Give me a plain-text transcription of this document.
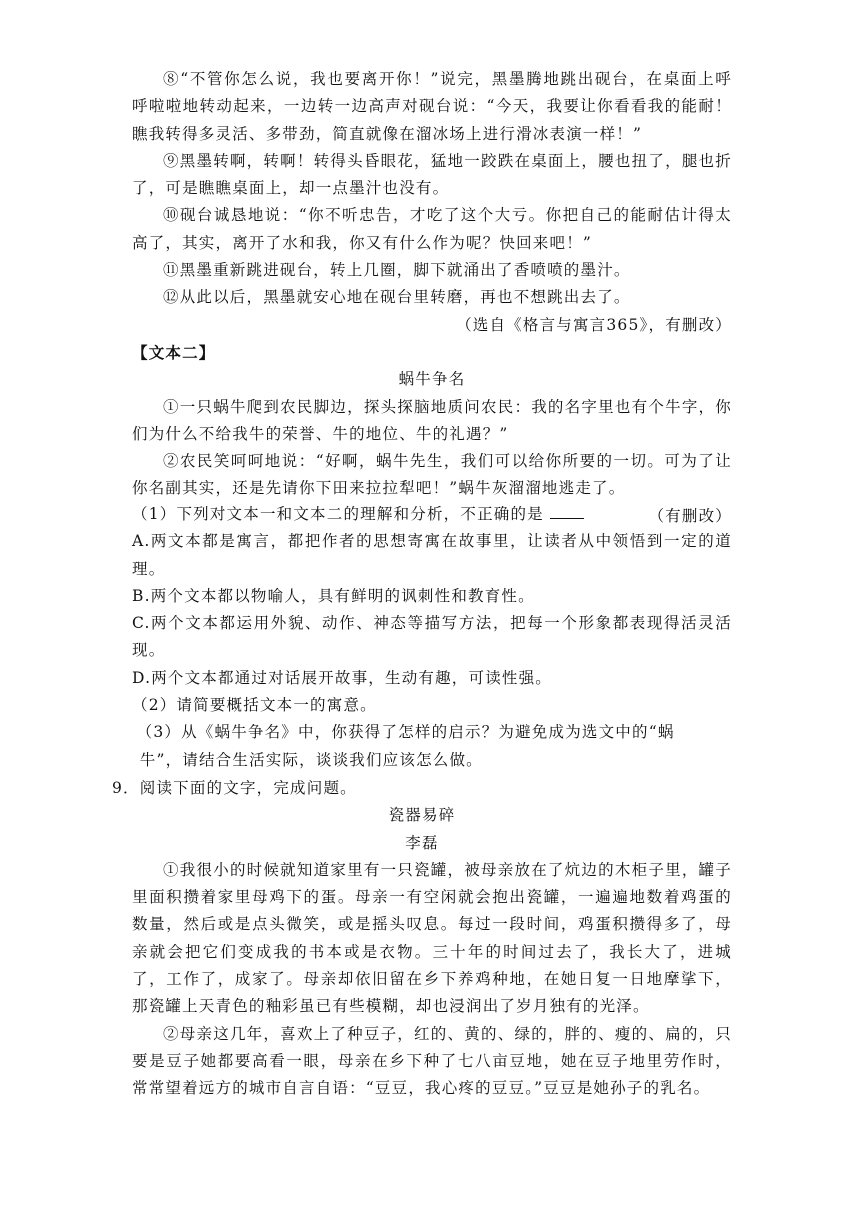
⑧“不管你怎么说，我也要离开你！”说完，黑墨腾地跳出砚台，在桌面上呼呼啦啦地转动起来，一边转一边高声对砚台说：“今天，我要让你看看我的能耐！瞧我转得多灵活、多带劲，简直就像在溜冰场上进行滑冰表演一样！”

⑨黑墨转啊，转啊！转得头昏眼花，猛地一跤跌在桌面上，腰也扭了，腿也折了，可是瞧瞧桌面上，却一点墨汁也没有。

⑩砚台诚恳地说：“你不听忠告，才吃了这个大亏。你把自己的能耐估计得太高了，其实，离开了水和我，你又有什么作为呢？快回来吧！”

⑪黑墨重新跳进砚台，转上几圈，脚下就涌出了香喷喷的墨汁。

⑫从此以后，黑墨就安心地在砚台里转磨，再也不想跳出去了。

（选自《格言与寓言365》，有删改）

【文本二】

蜗牛争名

①一只蜗牛爬到农民脚边，探头探脑地质问农民：我的名字里也有个牛字，你们为什么不给我牛的荣誉、牛的地位、牛的礼遇？”

②农民笑呵呵地说：“好啊，蜗牛先生，我们可以给你所要的一切。可为了让你名副其实，还是先请你下田来拉拉犁吧！”蜗牛灰溜溜地逃走了。

（有删改）

（1）下列对文本一和文本二的理解和分析，不正确的是

A.两文本都是寓言，都把作者的思想寄寓在故事里，让读者从中领悟到一定的道理。

B.两个文本都以物喻人，具有鲜明的讽刺性和教育性。

C.两个文本都运用外貌、动作、神态等描写方法，把每一个形象都表现得活灵活现。

D.两个文本都通过对话展开故事，生动有趣，可读性强。

（2）请简要概括文本一的寓意。

（3）从《蜗牛争名》中，你获得了怎样的启示？为避免成为选文中的“蜗

牛”，请结合生活实际，谈谈我们应该怎么做。

9．阅读下面的文字，完成问题。

瓷器易碎

李磊

①我很小的时候就知道家里有一只瓷罐，被母亲放在了炕边的木柜子里，罐子里面积攒着家里母鸡下的蛋。母亲一有空闲就会抱出瓷罐，一遍遍地数着鸡蛋的数量，然后或是点头微笑，或是摇头叹息。每过一段时间，鸡蛋积攒得多了，母亲就会把它们变成我的书本或是衣物。三十年的时间过去了，我长大了，进城了，工作了，成家了。母亲却依旧留在乡下养鸡种地，在她日复一日地摩挲下，那瓷罐上天青色的釉彩虽已有些模糊，却也浸润出了岁月独有的光泽。

②母亲这几年，喜欢上了种豆子，红的、黄的、绿的，胖的、瘦的、扁的，只要是豆子她都要高看一眼，母亲在乡下种了七八亩豆地，她在豆子地里劳作时，常常望着远方的城市自言自语：“豆豆，我心疼的豆豆。”豆豆是她孙子的乳名。
